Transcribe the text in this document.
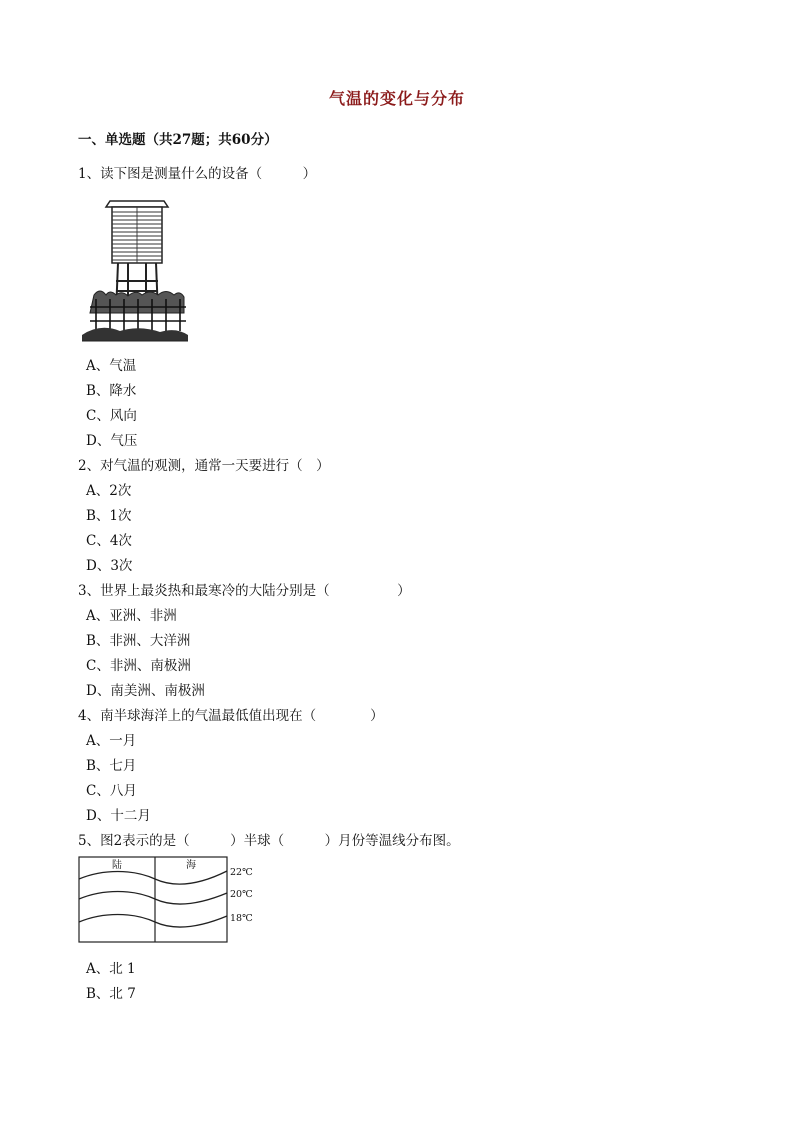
气温的变化与分布
一、单选题（共27题；共60分）
1、读下图是测量什么的设备（　　　）
A、气温
B、降水
C、风向
D、气压
2、对气温的观测，通常一天要进行（　）
A、2次
B、1次
C、4次
D、3次
3、世界上最炎热和最寒冷的大陆分别是（　　　　　）
A、亚洲、非洲
B、非洲、大洋洲
C、非洲、南极洲
D、南美洲、南极洲
4、南半球海洋上的气温最低值出现在（　　　　）
A、一月
B、七月
C、八月
D、十二月
5、图2表示的是（　　　）半球（　　　）月份等温线分布图。
陆	海
22℃
20℃
18℃
A、北 1
B、北 7
